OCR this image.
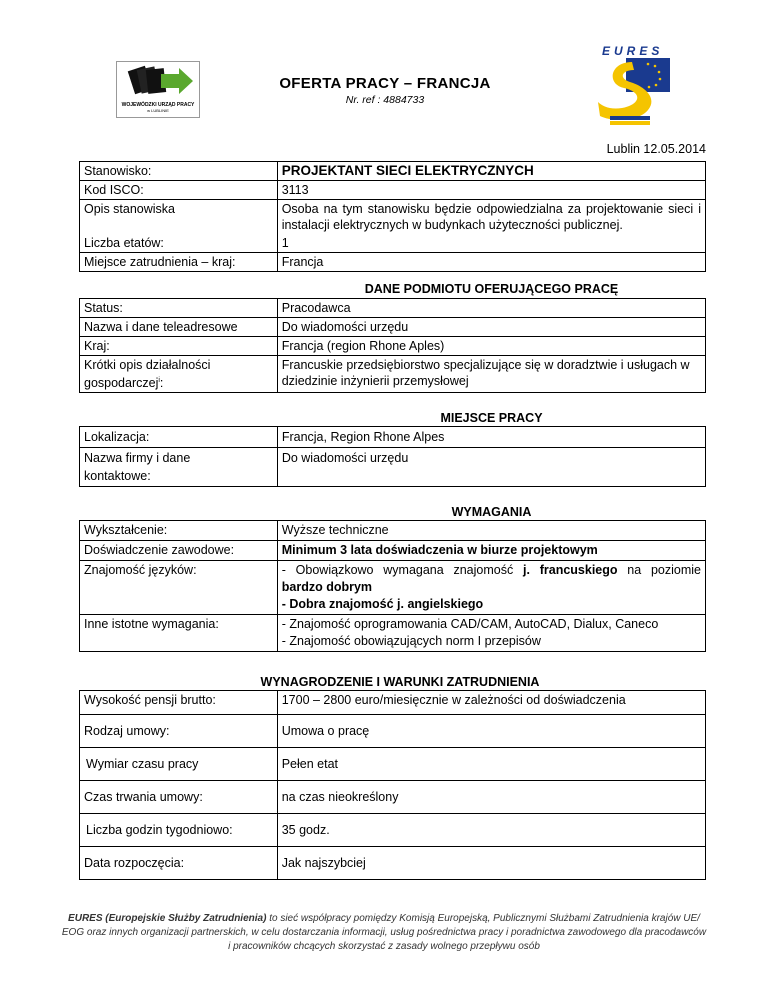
WOJEWÓDZKI URZĄD PRACY
w LUBLINIE
OFERTA PRACY – FRANCJA
Nr. ref : 4884733
EURES
SIEĆ DORADZTWA
Lublin 12.05.2014
Stanowisko:	PROJEKTANT SIECI ELEKTRYCZNYCH
Kod ISCO:	3113
Opis stanowiska	Osoba na tym stanowisku będzie odpowiedzialna za projektowanie sieci i instalacji elektrycznych w budynkach użyteczności publicznej.
Liczba etatów:	1
Miejsce zatrudnienia – kraj:	Francja
DANE PODMIOTU OFERUJĄCEGO PRACĘ
Status:	Pracodawca
Nazwa i dane teleadresowe	Do wiadomości urzędu
Kraj:	Francja (region Rhone Aples)
Krótki opis działalności gospodarczej$^i$:	Francuskie przedsiębiorstwo specjalizujące się w doradztwie i usługach w dziedzinie inżynierii przemysłowej
MIEJSCE PRACY
Lokalizacja:	Francja, Region Rhone Alpes
Nazwa firmy i dane kontaktowe:	Do wiadomości urzędu
WYMAGANIA
Wykształcenie:	Wyższe techniczne
Doświadczenie zawodowe:	Minimum 3 lata doświadczenia w biurze projektowym
Znajomość języków:	- Obowiązkowo wymagana znajomość j. francuskiego na poziomie bardzo dobrym
- Dobra znajomość j. angielskiego
Inne istotne wymagania:	- Znajomość oprogramowania CAD/CAM, AutoCAD, Dialux, Caneco
- Znajomość obowiązujących norm I przepisów
WYNAGRODZENIE I WARUNKI ZATRUDNIENIA
Wysokość pensji brutto:	1700 – 2800 euro/miesięcznie w zależności od doświadczenia
Rodzaj umowy:	Umowa o pracę
Wymiar czasu pracy	Pełen etat
Czas trwania umowy:	na czas nieokreślony
Liczba godzin tygodniowo:	35 godz.
Data rozpoczęcia:	Jak najszybciej
EURES (Europejskie Służby Zatrudnienia) to sieć współpracy pomiędzy Komisją Europejską, Publicznymi Służbami Zatrudnienia krajów UE/ EOG oraz innych organizacji partnerskich, w celu dostarczania informacji, usług pośrednictwa pracy i poradnictwa zawodowego dla pracodawców i pracowników chcących skorzystać z zasady wolnego przepływu osób
